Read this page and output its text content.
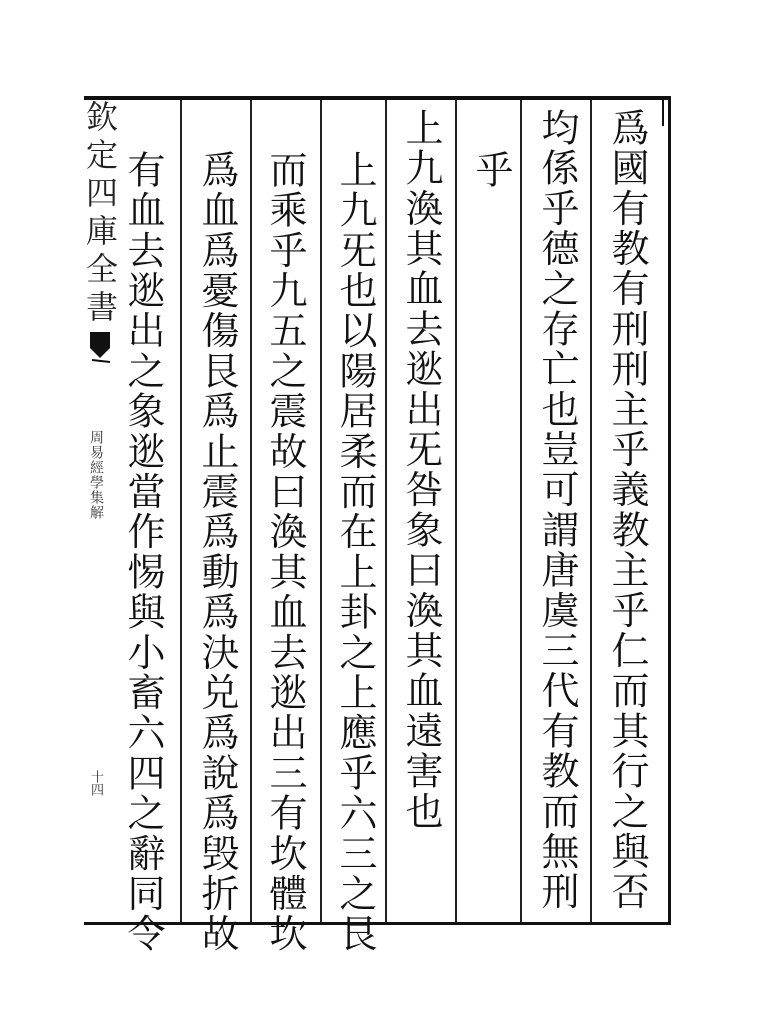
欽定四庫全書
周易經學集解
十四	爲國有教有刑刑主乎義教主乎仁而其行之與否
均係乎德之存亡也豈可謂唐虞三代有教而無刑
乎
上九渙其血去逖出旡咎象曰渙其血遠害也
上九旡也以陽居柔而在上卦之上應乎六三之艮
而乘乎九五之震故曰渙其血去逖出三有坎體坎
爲血爲憂傷艮爲止震爲動爲決兑爲說爲毁折故
有血去逖出之象逖當作惕與小畜六四之辭同令
